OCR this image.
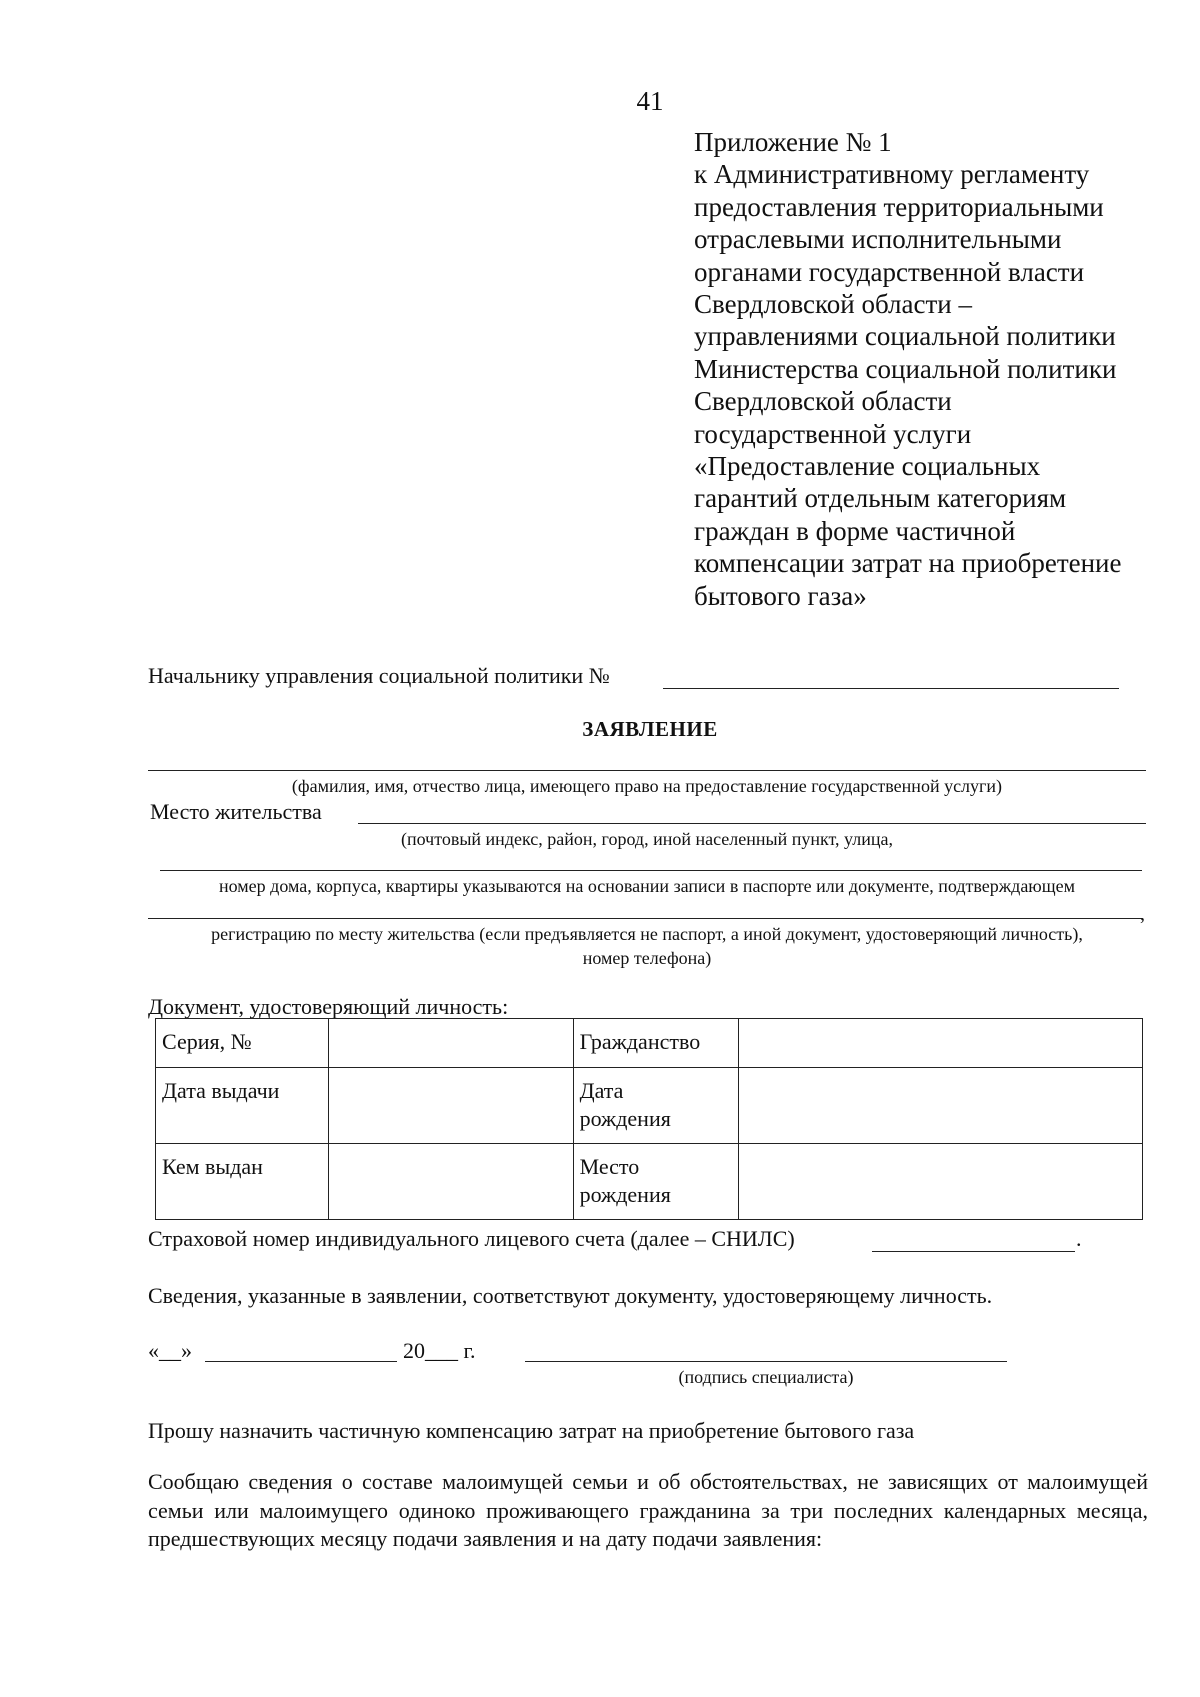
41
Приложение № 1
к Административному регламенту
предоставления территориальными
отраслевыми исполнительными
органами государственной власти
Свердловской области –
управлениями социальной политики
Министерства социальной политики
Свердловской области
государственной услуги
«Предоставление социальных
гарантий отдельным категориям
граждан в форме частичной
компенсации затрат на приобретение
бытового газа»
Начальнику управления социальной политики №
ЗАЯВЛЕНИЕ
(фамилия, имя, отчество лица, имеющего право на предоставление государственной услуги)
Место жительства
(почтовый индекс, район, город, иной населенный пункт, улица,
номер дома, корпуса, квартиры указываются на основании записи в паспорте или документе, подтверждающем
,
регистрацию по месту жительства (если предъявляется не паспорт, а иной документ, удостоверяющий личность),
номер телефона)
Документ, удостоверяющий личность:
Серия, №		Гражданство	

Дата выдачи		Дата
рождения	

Кем выдан		Место
рождения	

Страховой номер индивидуального лицевого счета (далее – СНИЛС)	.
Сведения, указанные в заявлении, соответствуют документу, удостоверяющему личность.
«__»	20___ г.
(подпись специалиста)
Прошу назначить частичную компенсацию затрат на приобретение бытового газа
Сообщаю сведения о составе малоимущей семьи и об обстоятельствах, не зависящих от малоимущей семьи или малоимущего одиноко проживающего гражданина за три последних календарных месяца, предшествующих месяцу подачи заявления и на дату подачи заявления:
